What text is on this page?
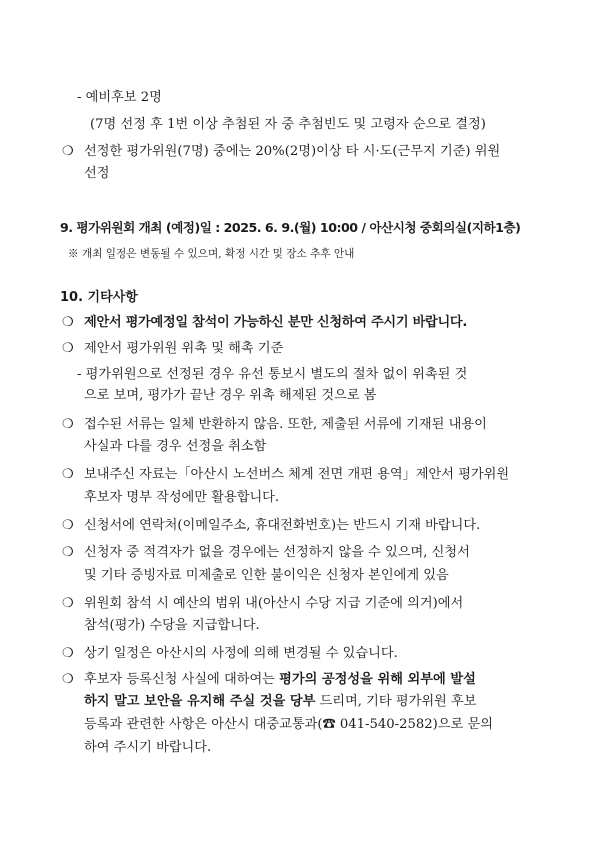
- 예비후보 2명
(7명 선정 후 1번 이상 추첨된 자 중 추첨빈도 및 고령자 순으로 결정)
❍ 선정한 평가위원(7명) 중에는 20%(2명)이상 타 시·도(근무지 기준) 위원
선정
9. 평가위원회 개최 (예정)일 : 2025. 6. 9.(월) 10:00 / 아산시청 중회의실(지하1층)
※ 개최 일정은 변동될 수 있으며, 확정 시간 및 장소 추후 안내
10. 기타사항
❍ 제안서 평가예정일 참석이 가능하신 분만 신청하여 주시기 바랍니다.
❍ 제안서 평가위원 위촉 및 해촉 기준
- 평가위원으로 선정된 경우 유선 통보시 별도의 절차 없이 위촉된 것
으로 보며, 평가가 끝난 경우 위촉 해제된 것으로 봄
❍ 접수된 서류는 일체 반환하지 않음. 또한, 제출된 서류에 기재된 내용이
사실과 다를 경우 선정을 취소함
❍ 보내주신 자료는「아산시 노선버스 체계 전면 개편 용역」제안서 평가위원
후보자 명부 작성에만 활용합니다.
❍ 신청서에 연락처(이메일주소, 휴대전화번호)는 반드시 기재 바랍니다.
❍ 신청자 중 적격자가 없을 경우에는 선정하지 않을 수 있으며, 신청서
및 기타 증빙자료 미제출로 인한 불이익은 신청자 본인에게 있음
❍ 위원회 참석 시 예산의 범위 내(아산시 수당 지급 기준에 의거)에서
참석(평가) 수당을 지급합니다.
❍ 상기 일정은 아산시의 사정에 의해 변경될 수 있습니다.
❍ 후보자 등록신청 사실에 대하여는 평가의 공정성을 위해 외부에 발설
하지 말고 보안을 유지해 주실 것을 당부 드리며, 기타 평가위원 후보
등록과 관련한 사항은 아산시 대중교통과(☎ 041-540-2582)으로 문의
하여 주시기 바랍니다.
